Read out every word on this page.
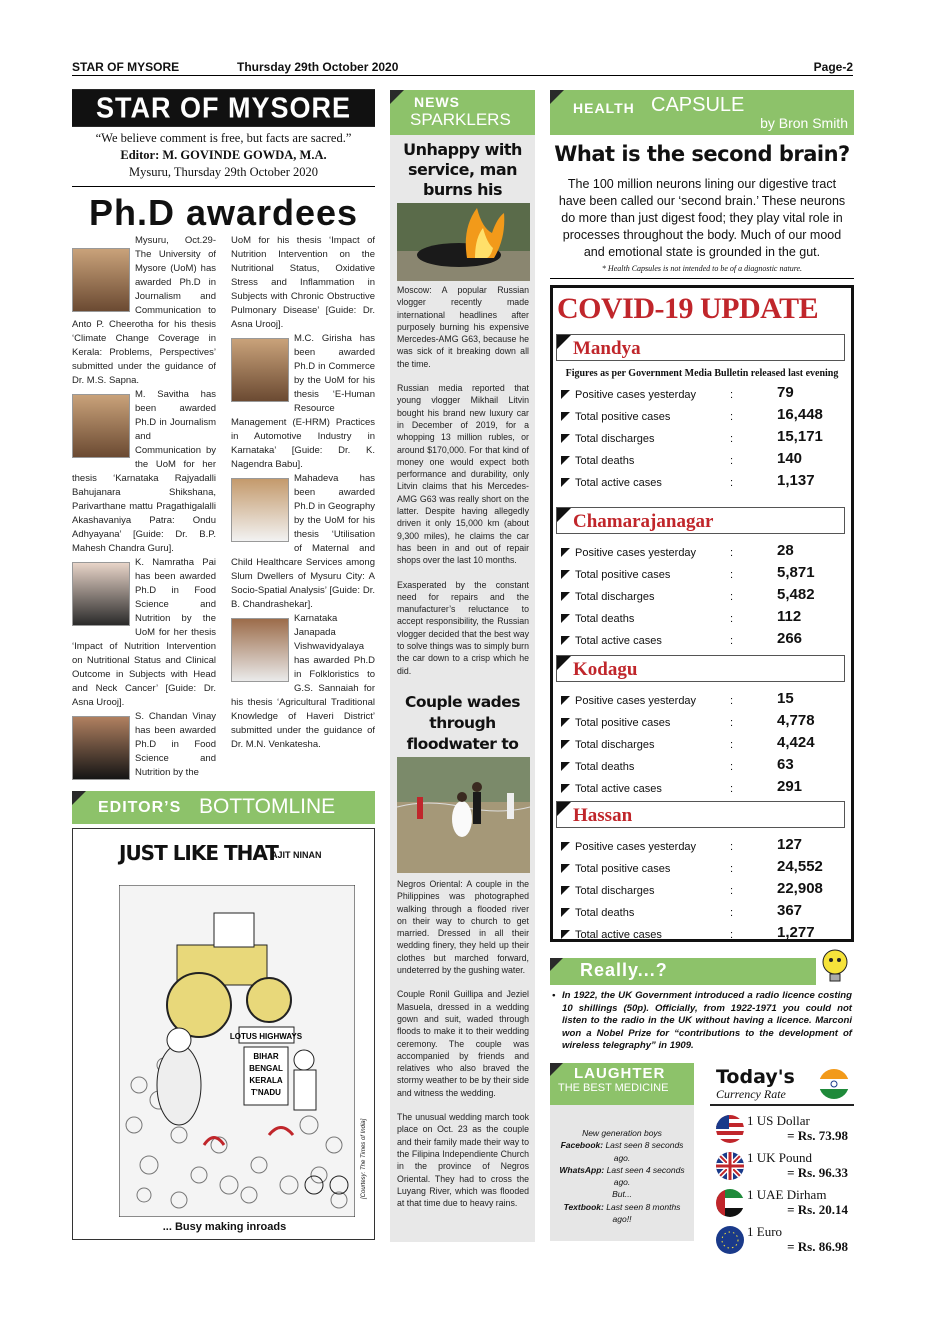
STAR OF MYSORE	Thursday 29th October 2020	Page-2
STAR OF MYSORE
“We believe comment is free, but facts are sacred.”
Editor: M. GOVINDE GOWDA, M.A.
Mysuru, Thursday 29th October 2020
Ph.D awardees

Mysuru, Oct.29- The University of Mysore (UoM) has awarded Ph.D in Journalism and Communication to Anto P. Cheerotha for his thesis ‘Climate Change Coverage in Kerala: Problems, Perspectives’ submitted under the guidance of Dr. M.S. Sapna.

M. Savitha has been awarded Ph.D in Journalism and Communication by the UoM for her thesis ‘Karnataka Rajyadalli Bahujanara Shikshana, Parivarthane mattu Pragathigalalli Akashavaniya Patra: Ondu Adhyayana’ [Guide: Dr. B.P. Mahesh Chandra Guru].

K. Namratha Pai has been awarded Ph.D in Food Science and Nutrition by the UoM for her thesis ‘Impact of Nutrition Intervention on Nutritional Status and Clinical Outcome in Subjects with Head and Neck Cancer’ [Guide: Dr. Asna Urooj].

S. Chandan Vinay has been awarded Ph.D in Food Science and Nutrition by the

UoM for his thesis ‘Impact of Nutrition Intervention on the Nutritional Status, Oxidative Stress and Inflammation in Subjects with Chronic Obstructive Pulmonary Disease’ [Guide: Dr. Asna Urooj].

M.C. Girisha has been awarded Ph.D in Commerce by the UoM for his thesis ‘E-Human Resource Management (E-HRM) Practices in Automotive Industry in Karnataka’ [Guide: Dr. K. Nagendra Babu].

Mahadeva has been awarded Ph.D in Geography by the UoM for his thesis ‘Utilisation of Maternal and Child Healthcare Services among Slum Dwellers of Mysuru City: A Socio-Spatial Analysis’ [Guide: Dr. B. Chandrashekar].

Karnataka Janapada Vishwavidyalaya has awarded Ph.D in Folkloristics to G.S. Sannaiah for his thesis ‘Agricultural Traditional Knowledge of Haveri District’ submitted under the guidance of Dr. M.N. Venkatesha.

EDITOR’S BOTTOMLINE
JUST LIKE THAT
AJIT NINAN
LOTUS HIGHWAYS
BIHAR
BENGAL
KERALA
T'NADU
[Courtesy: The Times of India]
... Busy making inroads
NEWS
SPARKLERS
Unhappy with service, man burns his

Moscow: A popular Russian vlogger recently made international headlines after purposely burning his expensive Mercedes-AMG G63, because he was sick of it breaking down all the time.

Russian media reported that young vlogger Mikhail Litvin bought his brand new luxury car in December of 2019, for a whopping 13 million rubles, or around $170,000. For that kind of money one would expect both performance and durability, only Litvin claims that his Mercedes-AMG G63 was really short on the latter. Despite having allegedly driven it only 15,000 km (about 9,300 miles), he claims the car has been in and out of repair shops over the last 10 months.

Exasperated by the constant need for repairs and the manufacturer’s reluctance to accept responsibility, the Russian vlogger decided that the best way to solve things was to simply burn the car down to a crisp which he did.

Couple wades through floodwater to

Negros Oriental: A couple in the Philippines was photographed walking through a flooded river on their way to church to get married. Dressed in all their wedding finery, they held up their clothes but marched forward, undeterred by the gushing water.

Couple Ronil Guillipa and Jeziel Masuela, dressed in a wedding gown and suit, waded through floods to make it to their wedding ceremony. The couple was accompanied by friends and relatives who also braved the stormy weather to be by their side and witness the wedding.

The unusual wedding march took place on Oct. 23 as the couple and their family made their way to the Filipina Independiente Church in the province of Negros Oriental. They had to cross the Luyang River, which was flooded at that time due to heavy rains.

HEALTH CAPSULE
by Bron Smith
What is the second brain?
The 100 million neurons lining our digestive tract have been called our ‘second brain.’ These neurons do more than just digest food; they play vital role in processes throughout the body. Much of our mood and emotional state is grounded in the gut.
* Health Capsules is not intended to be of a diagnostic nature.
COVID-19 UPDATE
Figures as per Government Media Bulletin released last evening
Mandya
Positive cases yesterday	:	79
Total positive cases	:	16,448
Total discharges	:	15,171
Total deaths	:	140
Total active cases	:	1,137
Chamarajanagar
Positive cases yesterday	:	28
Total positive cases	:	5,871
Total discharges	:	5,482
Total deaths	:	112
Total active cases	:	266
Kodagu
Positive cases yesterday	:	15
Total positive cases	:	4,778
Total discharges	:	4,424
Total deaths	:	63
Total active cases	:	291
Hassan
Positive cases yesterday	:	127
Total positive cases	:	24,552
Total discharges	:	22,908
Total deaths	:	367
Total active cases	:	1,277
Really...?
• In 1922, the UK Government introduced a radio licence costing 10 shillings (50p). Officially, from 1922-1971 you could not listen to the radio in the UK without having a licence. Marconi won a Nobel Prize for “contributions to the development of wireless telegraphy” in 1909.

LAUGHTER
THE BEST MEDICINE
New generation boys
Facebook: Last seen 8 seconds ago.
WhatsApp: Last seen 4 seconds ago.
But...
Textbook: Last seen 8 months ago!!
Today's
Currency Rate
1 US Dollar
= Rs. 73.98
1 UK Pound
= Rs. 96.33
1 UAE Dirham
= Rs. 20.14
1 Euro
= Rs. 86.98
